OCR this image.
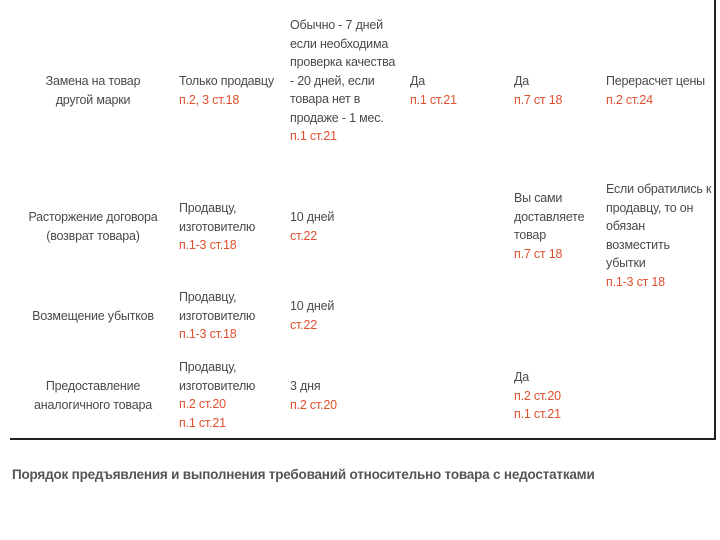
Замена на товар другой марки
Только продавцу
п.2, 3 ст.18
Обычно - 7 дней если необходима проверка качества - 20 дней, если товара нет в продаже - 1 мес.
п.1 ст.21
Да
п.1 ст.21
Да
п.7 ст 18
Перерасчет цены
п.2 ст.24
Расторжение договора (возврат товара)
Продавцу, изготовителю
п.1-3 ст.18
10 дней
ст.22
Вы сами доставляете товар
п.7 ст 18
Если обратились к продавцу, то он обязан возместить убытки
п.1-3 ст 18
Возмещение убытков
Продавцу, изготовителю
п.1-3 ст.18
10 дней
ст.22
Предоставление аналогичного товара
Продавцу, изготовителю
п.2 ст.20
п.1 ст.21
3 дня
п.2 ст.20
Да
п.2 ст.20
п.1 ст.21
Порядок предъявления и выполнения требований относительно товара с недостатками
